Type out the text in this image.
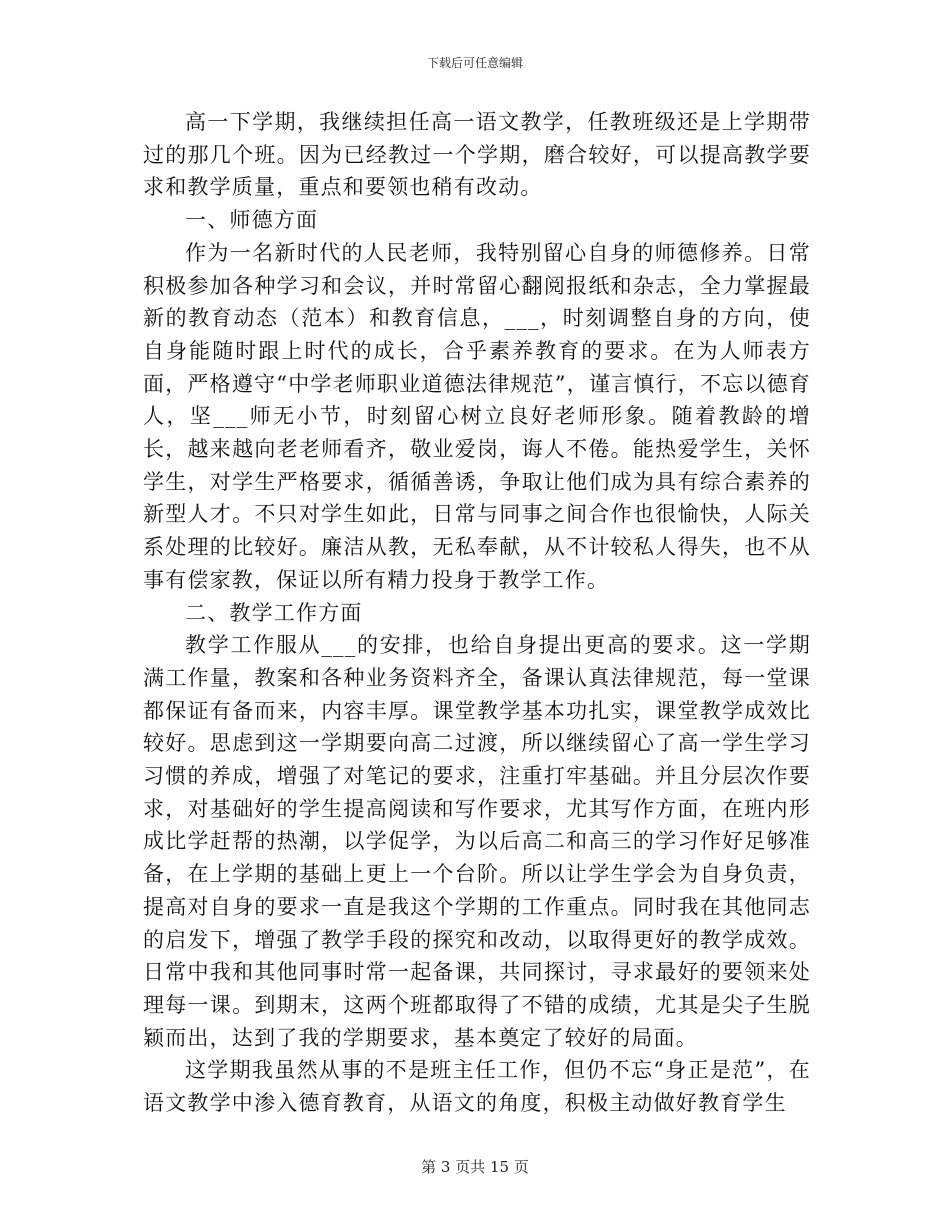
下载后可任意编辑

高一下学期，我继续担任高一语文教学，任教班级还是上学期带过的那几个班。因为已经教过一个学期，磨合较好，可以提高教学要求和教学质量，重点和要领也稍有改动。

一、师德方面

作为一名新时代的人民老师，我特别留心自身的师德修养。日常积极参加各种学习和会议，并时常留心翻阅报纸和杂志，全力掌握最新的教育动态（范本）和教育信息，___，时刻调整自身的方向，使自身能随时跟上时代的成长，合乎素养教育的要求。在为人师表方面，严格遵守“中学老师职业道德法律规范”，谨言慎行，不忘以德育人，坚___师无小节，时刻留心树立良好老师形象。随着教龄的增长，越来越向老老师看齐，敬业爱岗，诲人不倦。能热爱学生，关怀学生，对学生严格要求，循循善诱，争取让他们成为具有综合素养的新型人才。不只对学生如此，日常与同事之间合作也很愉快，人际关系处理的比较好。廉洁从教，无私奉献，从不计较私人得失，也不从事有偿家教，保证以所有精力投身于教学工作。

二、教学工作方面

教学工作服从___的安排，也给自身提出更高的要求。这一学期满工作量，教案和各种业务资料齐全，备课认真法律规范，每一堂课都保证有备而来，内容丰厚。课堂教学基本功扎实，课堂教学成效比较好。思虑到这一学期要向高二过渡，所以继续留心了高一学生学习习惯的养成，增强了对笔记的要求，注重打牢基础。并且分层次作要求，对基础好的学生提高阅读和写作要求，尤其写作方面，在班内形成比学赶帮的热潮，以学促学，为以后高二和高三的学习作好足够准备，在上学期的基础上更上一个台阶。所以让学生学会为自身负责，提高对自身的要求一直是我这个学期的工作重点。同时我在其他同志的启发下，增强了教学手段的探究和改动，以取得更好的教学成效。日常中我和其他同事时常一起备课，共同探讨，寻求最好的要领来处理每一课。到期末，这两个班都取得了不错的成绩，尤其是尖子生脱颖而出，达到了我的学期要求，基本奠定了较好的局面。

这学期我虽然从事的不是班主任工作，但仍不忘“身正是范”，在语文教学中渗入德育教育，从语文的角度，积极主动做好教育学生

第 3 页共 15 页
